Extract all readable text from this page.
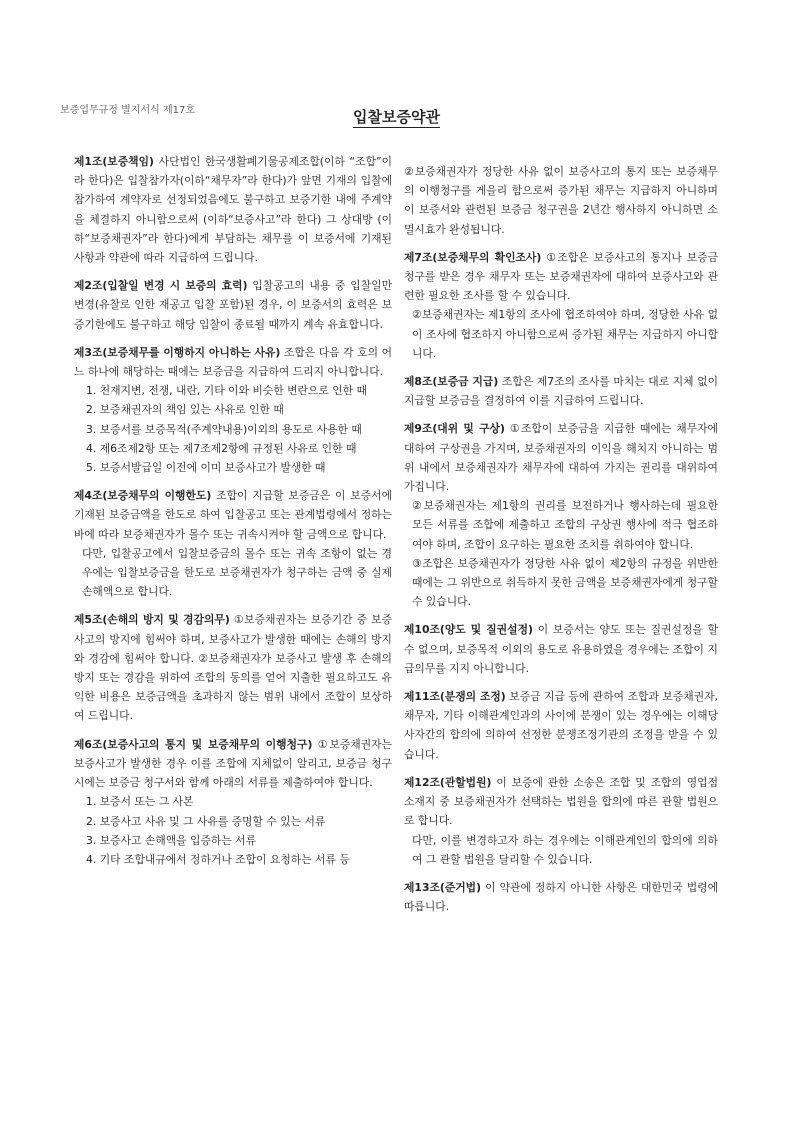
보증업무규정 별지서식 제17호	입찰보증약관

제1조(보증책임) 사단법인 한국생활폐기물공제조합(이하 “조합”이라 한다)은 입찰참가자(이하“채무자”라 한다)가 앞면 기재의 입찰에 참가하여 계약자로 선정되었음에도 불구하고 보증기한 내에 주계약을 체결하지 아니함으로써 (이하“보증사고”라 한다) 그 상대방 (이하“보증채권자”라 한다)에게 부담하는 채무를 이 보증서에 기재된 사항과 약관에 따라 지급하여 드립니다.

제2조(입찰일 변경 시 보증의 효력) 입찰공고의 내용 중 입찰일만 변경(유찰로 인한 재공고 입찰 포함)된 경우, 이 보증서의 효력은 보증기한에도 불구하고 해당 입찰이 종료될 때까지 계속 유효합니다.

제3조(보증채무를 이행하지 아니하는 사유) 조합은 다음 각 호의 어느 하나에 해당하는 때에는 보증금을 지급하여 드리지 아니합니다.

1. 천재지변, 전쟁, 내란, 기타 이와 비슷한 변란으로 인한 때
2. 보증채권자의 책임 있는 사유로 인한 때
3. 보증서를 보증목적(주계약내용)이외의 용도로 사용한 때
4. 제6조제2항 또는 제7조제2항에 규정된 사유로 인한 때
5. 보증서발급일 이전에 이미 보증사고가 발생한 때

제4조(보증채무의 이행한도) 조합이 지급할 보증금은 이 보증서에 기재된 보증금액을 한도로 하여 입찰공고 또는 관계법령에서 정하는 바에 따라 보증채권자가 몰수 또는 귀속시켜야 할 금액으로 합니다.

다만, 입찰공고에서 입찰보증금의 몰수 또는 귀속 조항이 없는 경우에는 입찰보증금을 한도로 보증채권자가 청구하는 금액 중 실제 손해액으로 합니다.

제5조(손해의 방지 및 경감의무) ①보증채권자는 보증기간 중 보증사고의 방지에 힘써야 하며, 보증사고가 발생한 때에는 손해의 방지와 경감에 힘써야 합니다. ②보증채권자가 보증사고 발생 후 손해의 방지 또는 경감을 위하여 조합의 동의를 얻어 지출한 필요하고도 유익한 비용은 보증금액을 초과하지 않는 범위 내에서 조합이 보상하여 드립니다.

제6조(보증사고의 통지 및 보증채무의 이행청구) ①보증채권자는 보증사고가 발생한 경우 이를 조합에 지체없이 알리고, 보증금 청구 시에는 보증금 청구서와 함께 아래의 서류를 제출하여야 합니다.

1. 보증서 또는 그 사본
2. 보증사고 사유 및 그 사유를 증명할 수 있는 서류
3. 보증사고 손해액을 입증하는 서류
4. 기타 조합내규에서 정하거나 조합이 요청하는 서류 등

②보증채권자가 정당한 사유 없이 보증사고의 통지 또는 보증채무의 이행청구를 게을리 함으로써 증가된 채무는 지급하지 아니하며 이 보증서와 관련된 보증금 청구권을 2년간 행사하지 아니하면 소멸시효가 완성됩니다.

제7조(보증채무의 확인조사) ①조합은 보증사고의 통지나 보증금 청구를 받은 경우 채무자 또는 보증채권자에 대하여 보증사고와 관련한 필요한 조사를 할 수 있습니다.

②보증채권자는 제1항의 조사에 협조하여야 하며, 정당한 사유 없이 조사에 협조하지 아니함으로써 증가된 채무는 지급하지 아니합니다.

제8조(보증금 지급) 조합은 제7조의 조사를 마치는 대로 지체 없이 지급할 보증금을 결정하여 이를 지급하여 드립니다.

제9조(대위 및 구상) ①조합이 보증금을 지급한 때에는 채무자에 대하여 구상권을 가지며, 보증채권자의 이익을 해치지 아니하는 범위 내에서 보증채권자가 채무자에 대하여 가지는 권리를 대위하여 가집니다.

②보증채권자는 제1항의 권리를 보전하거나 행사하는데 필요한 모든 서류를 조합에 제출하고 조합의 구상권 행사에 적극 협조하여야 하며, 조합이 요구하는 필요한 조치를 취하여야 합니다.
③조합은 보증채권자가 정당한 사유 없이 제2항의 규정을 위반한 때에는 그 위반으로 취득하지 못한 금액을 보증채권자에게 청구할 수 있습니다.

제10조(양도 및 질권설정) 이 보증서는 양도 또는 질권설정을 할 수 없으며, 보증목적 이외의 용도로 유용하였을 경우에는 조합이 지급의무를 지지 아니합니다.

제11조(분쟁의 조정) 보증금 지급 등에 관하여 조합과 보증채권자, 채무자, 기타 이해관계인과의 사이에 분쟁이 있는 경우에는 이해당사자간의 합의에 의하여 선정한 분쟁조정기관의 조정을 받을 수 있습니다.

제12조(관할법원) 이 보증에 관한 소송은 조합 및 조합의 영업점 소재지 중 보증채권자가 선택하는 법원을 합의에 따른 관할 법원으로 합니다.

다만, 이를 변경하고자 하는 경우에는 이해관계인의 합의에 의하여 그 관할 법원을 달리할 수 있습니다.

제13조(준거법) 이 약관에 정하지 아니한 사항은 대한민국 법령에 따릅니다.
